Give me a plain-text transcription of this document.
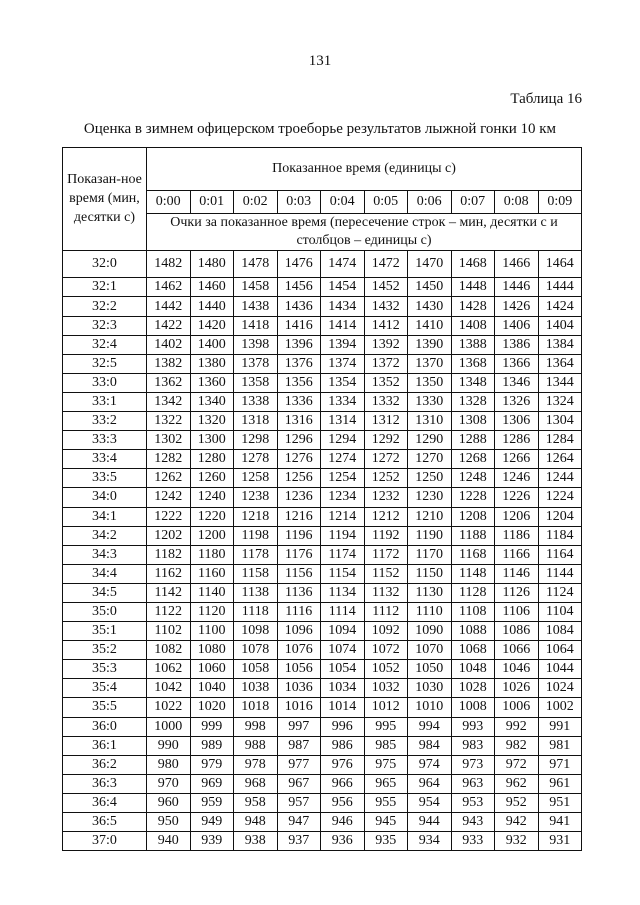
131
Таблица 16
Оценка в зимнем офицерском троеборье результатов лыжной гонки 10 км
Показан-ное время (мин, десятки с)	Показанное время (единицы с)									
	0:00	0:01	0:02	0:03	0:04	0:05	0:06	0:07	0:08	0:09
	Очки за показанное время (пересечение строк – мин, десятки с и столбцов – единицы с)									
32:0	1482	1480	1478	1476	1474	1472	1470	1468	1466	1464
32:1	1462	1460	1458	1456	1454	1452	1450	1448	1446	1444
32:2	1442	1440	1438	1436	1434	1432	1430	1428	1426	1424
32:3	1422	1420	1418	1416	1414	1412	1410	1408	1406	1404
32:4	1402	1400	1398	1396	1394	1392	1390	1388	1386	1384
32:5	1382	1380	1378	1376	1374	1372	1370	1368	1366	1364
33:0	1362	1360	1358	1356	1354	1352	1350	1348	1346	1344
33:1	1342	1340	1338	1336	1334	1332	1330	1328	1326	1324
33:2	1322	1320	1318	1316	1314	1312	1310	1308	1306	1304
33:3	1302	1300	1298	1296	1294	1292	1290	1288	1286	1284
33:4	1282	1280	1278	1276	1274	1272	1270	1268	1266	1264
33:5	1262	1260	1258	1256	1254	1252	1250	1248	1246	1244
34:0	1242	1240	1238	1236	1234	1232	1230	1228	1226	1224
34:1	1222	1220	1218	1216	1214	1212	1210	1208	1206	1204
34:2	1202	1200	1198	1196	1194	1192	1190	1188	1186	1184
34:3	1182	1180	1178	1176	1174	1172	1170	1168	1166	1164
34:4	1162	1160	1158	1156	1154	1152	1150	1148	1146	1144
34:5	1142	1140	1138	1136	1134	1132	1130	1128	1126	1124
35:0	1122	1120	1118	1116	1114	1112	1110	1108	1106	1104
35:1	1102	1100	1098	1096	1094	1092	1090	1088	1086	1084
35:2	1082	1080	1078	1076	1074	1072	1070	1068	1066	1064
35:3	1062	1060	1058	1056	1054	1052	1050	1048	1046	1044
35:4	1042	1040	1038	1036	1034	1032	1030	1028	1026	1024
35:5	1022	1020	1018	1016	1014	1012	1010	1008	1006	1002
36:0	1000	999	998	997	996	995	994	993	992	991
36:1	990	989	988	987	986	985	984	983	982	981
36:2	980	979	978	977	976	975	974	973	972	971
36:3	970	969	968	967	966	965	964	963	962	961
36:4	960	959	958	957	956	955	954	953	952	951
36:5	950	949	948	947	946	945	944	943	942	941
37:0	940	939	938	937	936	935	934	933	932	931
